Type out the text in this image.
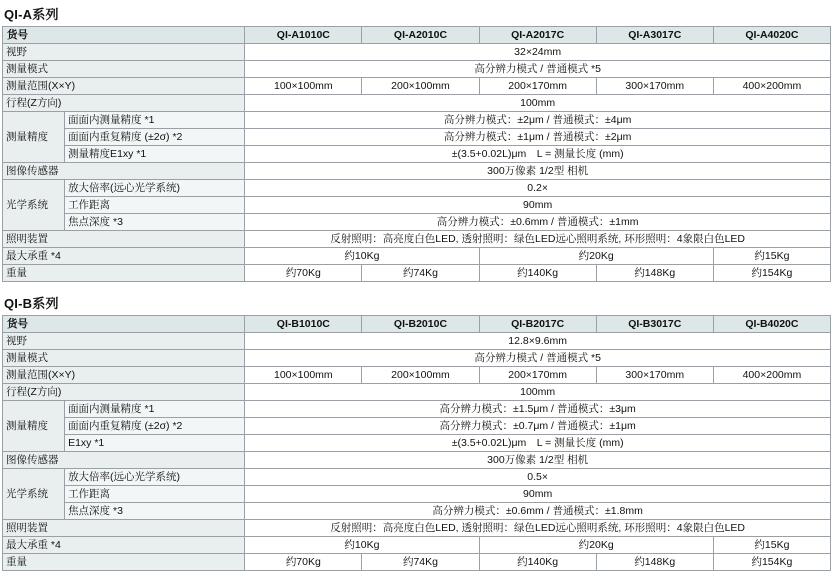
QI-A系列
货号		QI-A1010C	QI-A2010C	QI-A2017C	QI-A3017C	QI-A4020C
视野		32×24mm				
测量模式		高分辨力模式 / 普通模式 *5				
测量范围(X×Y)		100×100mm	200×100mm	200×170mm	300×170mm	400×200mm
行程(Z方向)		100mm				
测量精度	面面内测量精度 *1	高分辨力模式：±2μm / 普通模式：±4μm				
	面面内重复精度 (±2σ) *2	高分辨力模式：±1μm / 普通模式：±2μm				
	测量精度E1xy *1	±(3.5+0.02L)μm　L = 测量长度 (mm)				
图像传感器		300万像素 1/2型 相机				
光学系统	放大倍率(远心光学系统)	0.2×				
	工作距离	90mm				
	焦点深度 *3	高分辨力模式：±0.6mm / 普通模式：±1mm				
照明装置		反射照明：高亮度白色LED, 透射照明：绿色LED远心照明系统, 环形照明：4象限白色LED				
最大承重 *4		约10Kg		约20Kg		约15Kg
重量		约70Kg	约74Kg	约140Kg	约148Kg	约154Kg
QI-B系列
货号		QI-B1010C	QI-B2010C	QI-B2017C	QI-B3017C	QI-B4020C
视野		12.8×9.6mm				
测量模式		高分辨力模式 / 普通模式 *5				
测量范围(X×Y)		100×100mm	200×100mm	200×170mm	300×170mm	400×200mm
行程(Z方向)		100mm				
测量精度	面面内测量精度 *1	高分辨力模式：±1.5μm / 普通模式：±3μm				
	面面内重复精度 (±2σ) *2	高分辨力模式：±0.7μm / 普通模式：±1μm				
	E1xy *1	±(3.5+0.02L)μm　L = 测量长度 (mm)				
图像传感器		300万像素 1/2型 相机				
光学系统	放大倍率(远心光学系统)	0.5×				
	工作距离	90mm				
	焦点深度 *3	高分辨力模式：±0.6mm / 普通模式：±1.8mm				
照明装置		反射照明：高亮度白色LED, 透射照明：绿色LED远心照明系统, 环形照明：4象限白色LED				
最大承重 *4		约10Kg		约20Kg		约15Kg
重量		约70Kg	约74Kg	约140Kg	约148Kg	约154Kg
